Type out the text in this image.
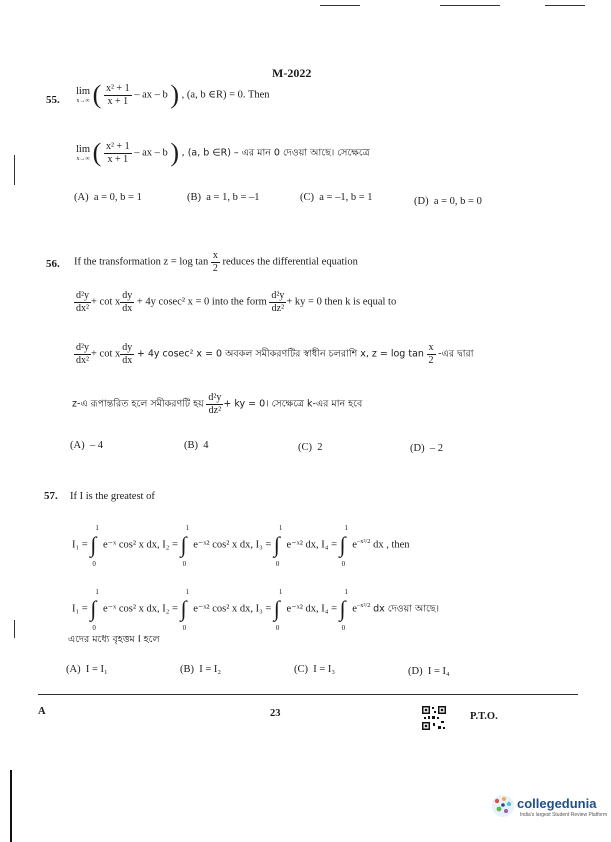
M-2022
55.
lim
x→∞ ( $\frac{\text{x² + 1}}{x + 1}$ – ax – b ) , (a, b ∈R) = 0. Then
lim
x→∞ ( $\frac{\text{x² + 1}}{x + 1}$ – ax – b ) , (a, b ∈R) – এর মান 0 দেওয়া আছে। সেক্ষেত্রে
(A) a = 0, b = 1	(B) a = 1, b = –1	(C) a = –1, b = 1	(D) a = 0, b = 0
56. If the transformation $z = \log \tan \frac{x}{2}$ reduces the differential equation
$\frac{\text{d²y}}{\text{dx²}} + \cot x \frac{dy}{dx} + 4y$ cosec² x = 0 into the form $\frac{\text{d²y}}{\text{dz²}}$ + ky = 0 then k is equal to
$\frac{\text{d²y}}{\text{dx²}} + \cot x \frac{dy}{dx} + 4y$ cosec² x = 0 অবকল সমীকরণটির স্বাধীন চলরাশি x, $z = \log \tan \frac{x}{2}$ -এর দ্বারা
z-এ রূপান্তরিত হলে সমীকরণটি হয় $\frac{\text{d²y}}{\text{dz²}}$ + ky = 0। সেক্ষেত্রে k-এর মান হবে
(A) – 4	(B) 4	(C) 2	(D) – 2
57. If I is the greatest of
I₁ = ∫
1
0
e⁻ˣ cos² x dx, I₂ = ∫
1
0
e⁻ˣ² cos² x dx, I₃ = ∫
1
0
e⁻ˣ² dx, I₄ = ∫
1
0
$e^{-x^2/2}$ dx , then
I₁ = ∫
1
0
e⁻ˣ cos² x dx, I₂ = ∫
1
0
e⁻ˣ² cos² x dx, I₃ = ∫
1
0
e⁻ˣ² dx, I₄ = ∫
1
0
$e^{-x^2/2}$ dx দেওয়া আছে।
এদের মধ্যে বৃহত্তম I হলে
(A) I = I₁	(B) I = I₂	(C) I = I₃	(D) I = I₄
A	23	P.T.O.
collegedunia
India's largest Student Review Platform
